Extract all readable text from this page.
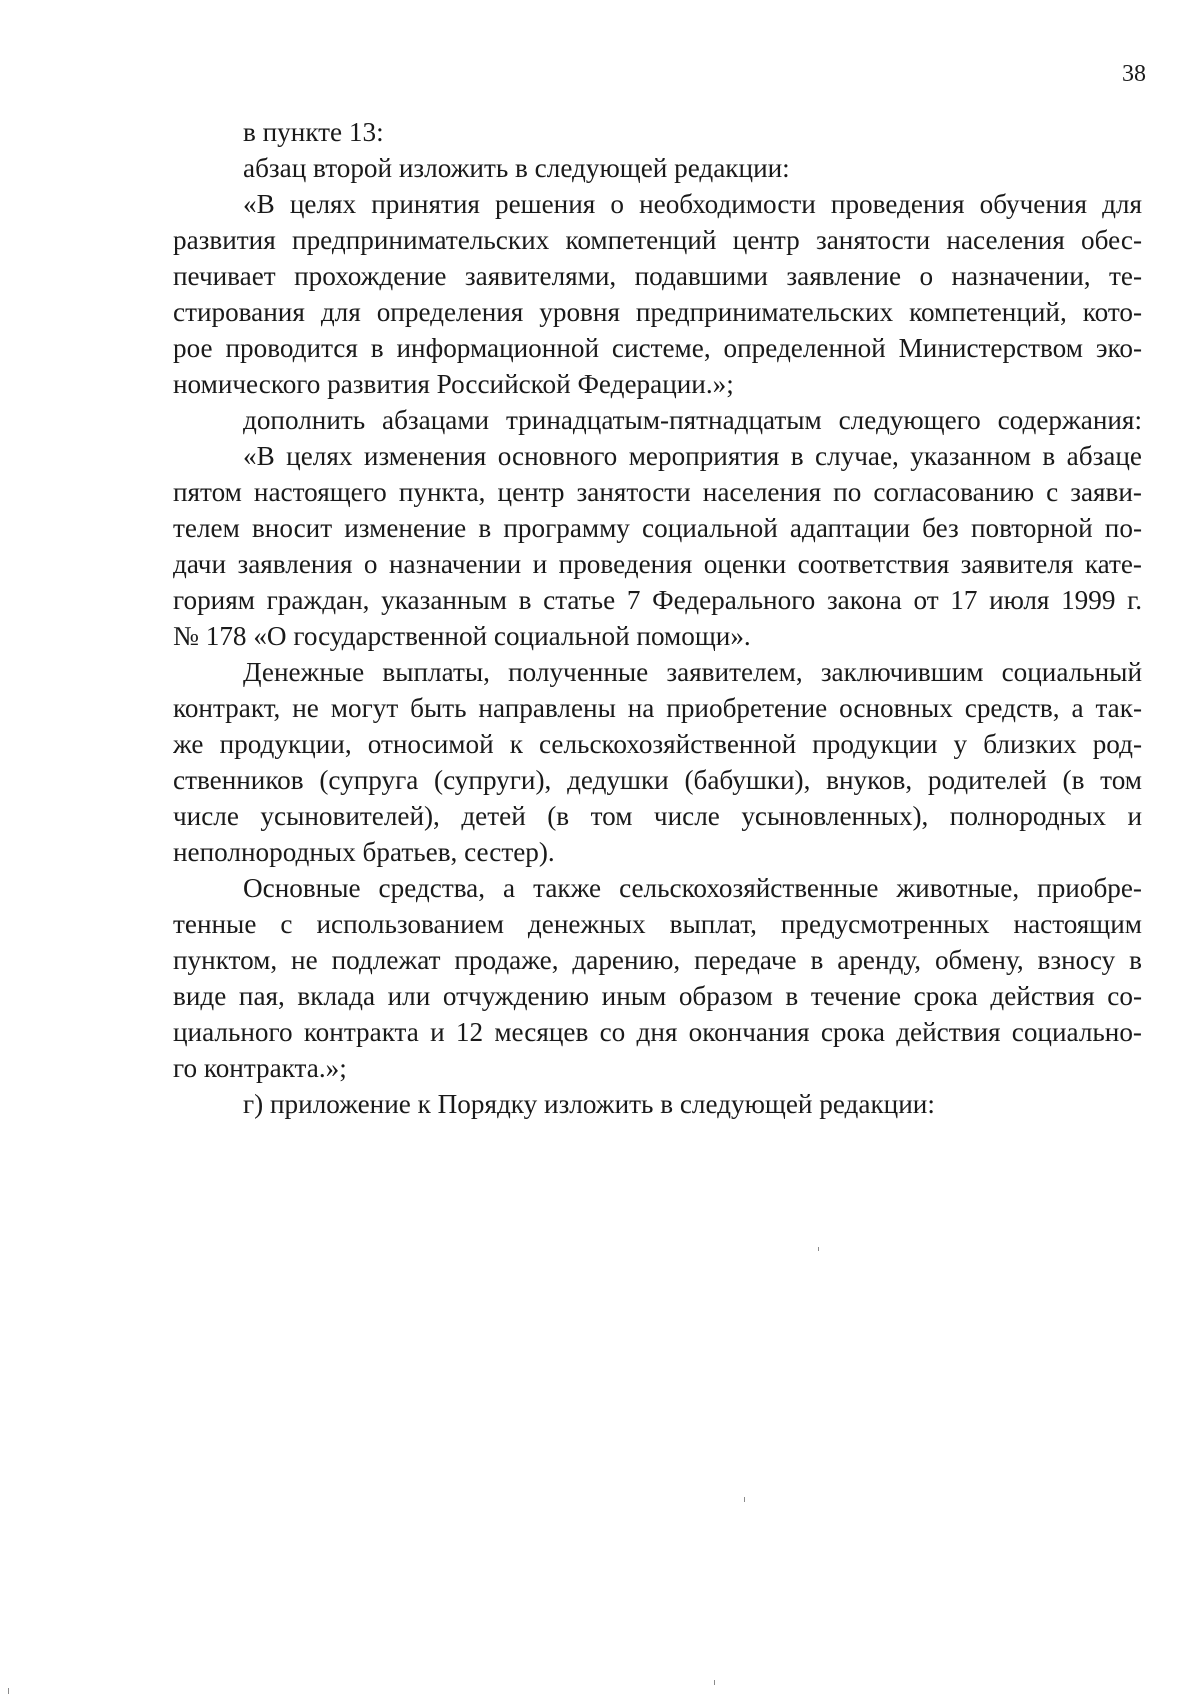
38

в пункте 13:

абзац второй изложить в следующей редакции:

«В целях принятия решения о необходимости проведения обучения для

развития предпринимательских компетенций центр занятости населения обес-

печивает прохождение заявителями, подавшими заявление о назначении, те-

стирования для определения уровня предпринимательских компетенций, кото-

рое проводится в информационной системе, определенной Министерством эко-

номического развития Российской Федерации.»;

дополнить абзацами тринадцатым-пятнадцатым следующего содержания:

«В целях изменения основного мероприятия в случае, указанном в абзаце

пятом настоящего пункта, центр занятости населения по согласованию с заяви-

телем вносит изменение в программу социальной адаптации без повторной по-

дачи заявления о назначении и проведения оценки соответствия заявителя кате-

гориям граждан, указанным в статье 7 Федерального закона от 17 июля 1999 г.

№ 178 «О государственной социальной помощи».

Денежные выплаты, полученные заявителем, заключившим социальный

контракт, не могут быть направлены на приобретение основных средств, а так-

же продукции, относимой к сельскохозяйственной продукции у близких род-

ственников (супруга (супруги), дедушки (бабушки), внуков, родителей (в том

числе усыновителей), детей (в том числе усыновленных), полнородных и

неполнородных братьев, сестер).

Основные средства, а также сельскохозяйственные животные, приобре-

тенные с использованием денежных выплат, предусмотренных настоящим

пунктом, не подлежат продаже, дарению, передаче в аренду, обмену, взносу в

виде пая, вклада или отчуждению иным образом в течение срока действия со-

циального контракта и 12 месяцев со дня окончания срока действия социально-

го контракта.»;

г) приложение к Порядку изложить в следующей редакции:
